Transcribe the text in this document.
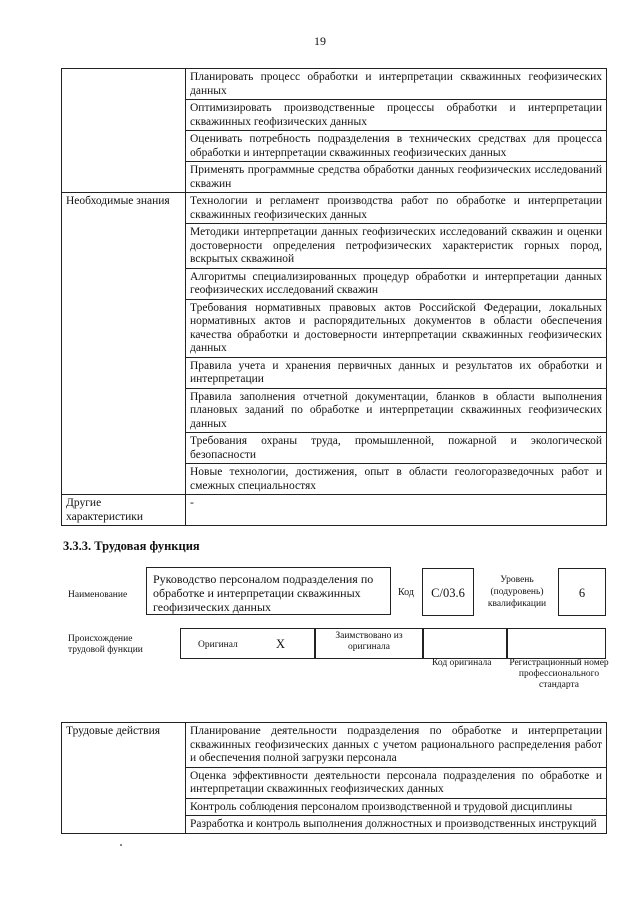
19
	Планировать процесс обработки и интерпретации скважинных геофизических данных
	Оптимизировать производственные процессы обработки и интерпретации скважинных геофизических данных
	Оценивать потребность подразделения в технических средствах для процесса обработки и интерпретации скважинных геофизических данных
	Применять программные средства обработки данных геофизических исследований скважин
Необходимые знания	Технологии и регламент производства работ по обработке и интерпретации скважинных геофизических данных
	Методики интерпретации данных геофизических исследований скважин и оценки достоверности определения петрофизических характеристик горных пород, вскрытых скважиной
	Алгоритмы специализированных процедур обработки и интерпретации данных геофизических исследований скважин
	Требования нормативных правовых актов Российской Федерации, локальных нормативных актов и распорядительных документов в области обеспечения качества обработки и достоверности интерпретации скважинных геофизических данных
	Правила учета и хранения первичных данных и результатов их обработки и интерпретации
	Правила заполнения отчетной документации, бланков в области выполнения плановых заданий по обработке и интерпретации скважинных геофизических данных
	Требования охраны труда, промышленной, пожарной и экологической безопасности
	Новые технологии, достижения, опыт в области геологоразведочных работ и смежных специальностях
Другие характеристики	-
3.3.3. Трудовая функция
Наименование
Руководство персоналом подразделения по обработке и интерпретации скважинных геофизических данных
Код	С/03.6
Уровень (подуровень) квалификации
6
Происхождение трудовой функции	Оригинал	X
Заимствовано из оригинала
Код оригинала Регистрационный номер профессионального стандарта
Трудовые действия	Планирование деятельности подразделения по обработке и интерпретации скважинных геофизических данных с учетом рационального распределения работ и обеспечения полной загрузки персонала
Оценка эффективности деятельности персонала подразделения по обработке и интерпретации скважинных геофизических данных
Контроль соблюдения персоналом производственной и трудовой дисциплины
Разработка и контроль выполнения должностных и производственных инструкций
